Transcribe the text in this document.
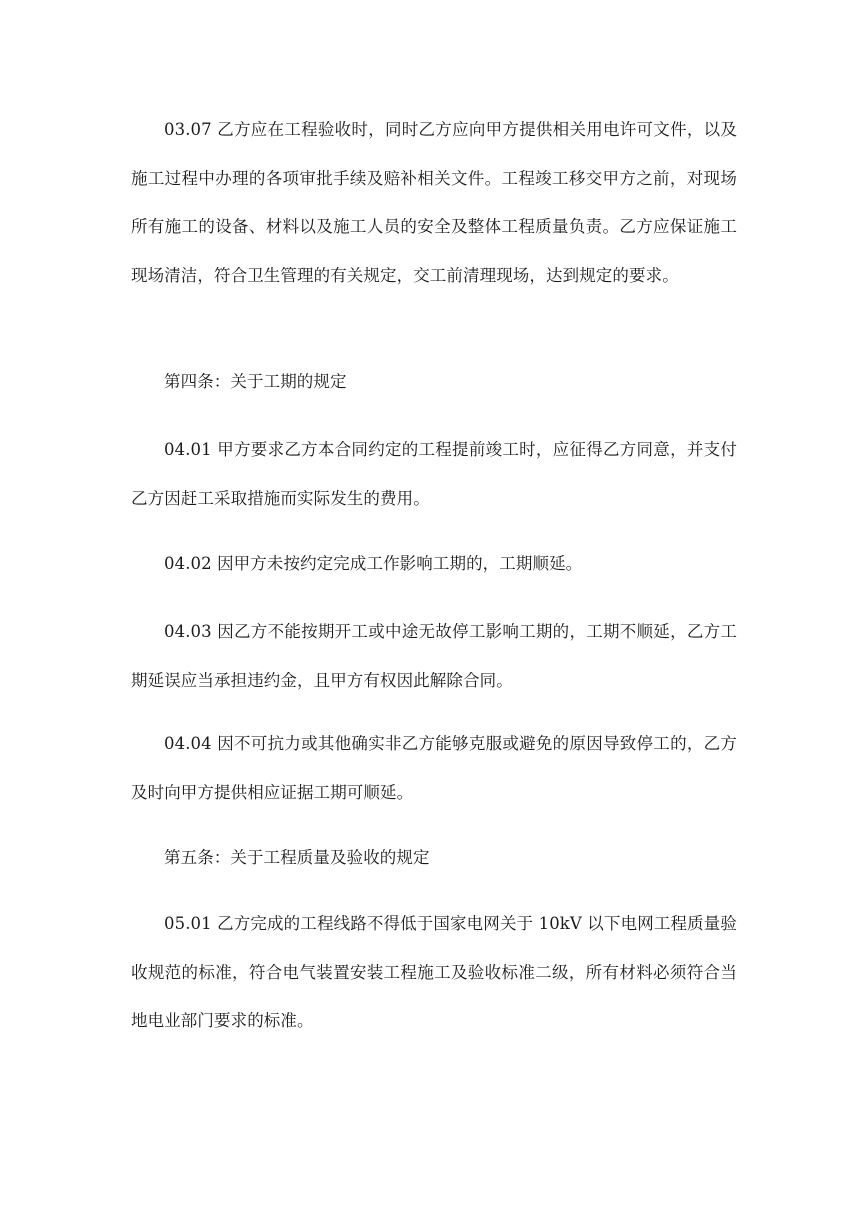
03.07 乙方应在工程验收时，同时乙方应向甲方提供相关用电许可文件，以及施工过程中办理的各项审批手续及赔补相关文件。工程竣工移交甲方之前，对现场所有施工的设备、材料以及施工人员的安全及整体工程质量负责。乙方应保证施工现场清洁，符合卫生管理的有关规定，交工前清理现场，达到规定的要求。

第四条：关于工期的规定

04.01 甲方要求乙方本合同约定的工程提前竣工时，应征得乙方同意，并支付乙方因赶工采取措施而实际发生的费用。

04.02 因甲方未按约定完成工作影响工期的，工期顺延。

04.03 因乙方不能按期开工或中途无故停工影响工期的，工期不顺延，乙方工期延误应当承担违约金，且甲方有权因此解除合同。

04.04 因不可抗力或其他确实非乙方能够克服或避免的原因导致停工的，乙方及时向甲方提供相应证据工期可顺延。

第五条：关于工程质量及验收的规定

05.01 乙方完成的工程线路不得低于国家电网关于 10kV 以下电网工程质量验收规范的标准，符合电气装置安装工程施工及验收标准二级，所有材料必须符合当地电业部门要求的标准。
